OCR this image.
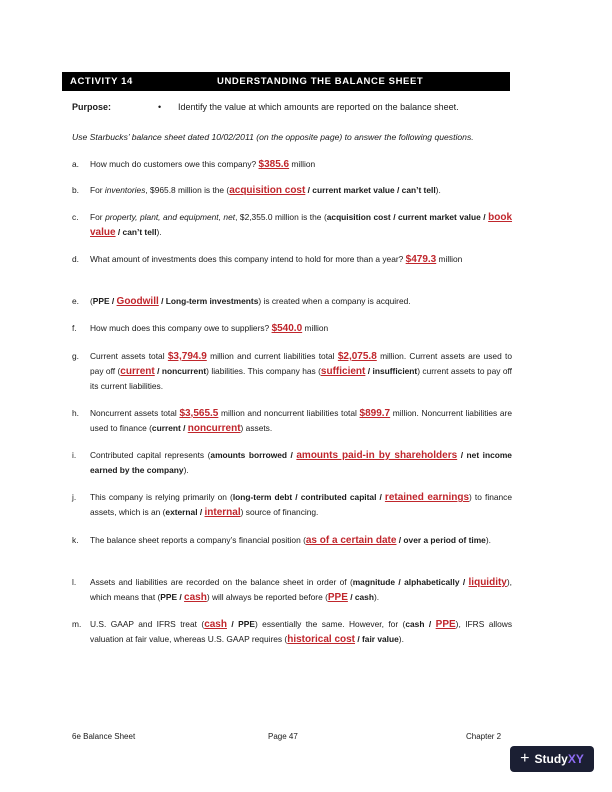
ACTIVITY 14	UNDERSTANDING THE BALANCE SHEET
Purpose:	• Identify the value at which amounts are reported on the balance sheet.
Use Starbucks’ balance sheet dated 10/02/2011 (on the opposite page) to answer the following questions.
a. How much do customers owe this company? $385.6 million
b. For inventories, $965.8 million is the (acquisition cost / current market value / can’t tell).
c. For property, plant, and equipment, net, $2,355.0 million is the (acquisition cost / current market value / book value / can’t tell).
d. What amount of investments does this company intend to hold for more than a year? $479.3 million
e. (PPE / Goodwill / Long-term investments) is created when a company is acquired.
f. How much does this company owe to suppliers? $540.0 million
g. Current assets total $3,794.9 million and current liabilities total $2,075.8 million. Current assets are used to pay off (current / noncurrent) liabilities. This company has (sufficient / insufficient) current assets to pay off its current liabilities.
h. Noncurrent assets total $3,565.5 million and noncurrent liabilities total $899.7 million. Noncurrent liabilities are used to finance (current / noncurrent) assets.
i. Contributed capital represents (amounts borrowed / amounts paid-in by shareholders / net income earned by the company).
j. This company is relying primarily on (long-term debt / contributed capital / retained earnings) to finance assets, which is an (external / internal) source of financing.
k. The balance sheet reports a company’s financial position (as of a certain date / over a period of time).
l. Assets and liabilities are recorded on the balance sheet in order of (magnitude / alphabetically / liquidity), which means that (PPE / cash) will always be reported before (PPE / cash).
m. U.S. GAAP and IFRS treat (cash / PPE) essentially the same. However, for (cash / PPE), IFRS allows valuation at fair value, whereas U.S. GAAP requires (historical cost / fair value).
6e Balance Sheet	Page 47	Chapter 2
+ Study XY
